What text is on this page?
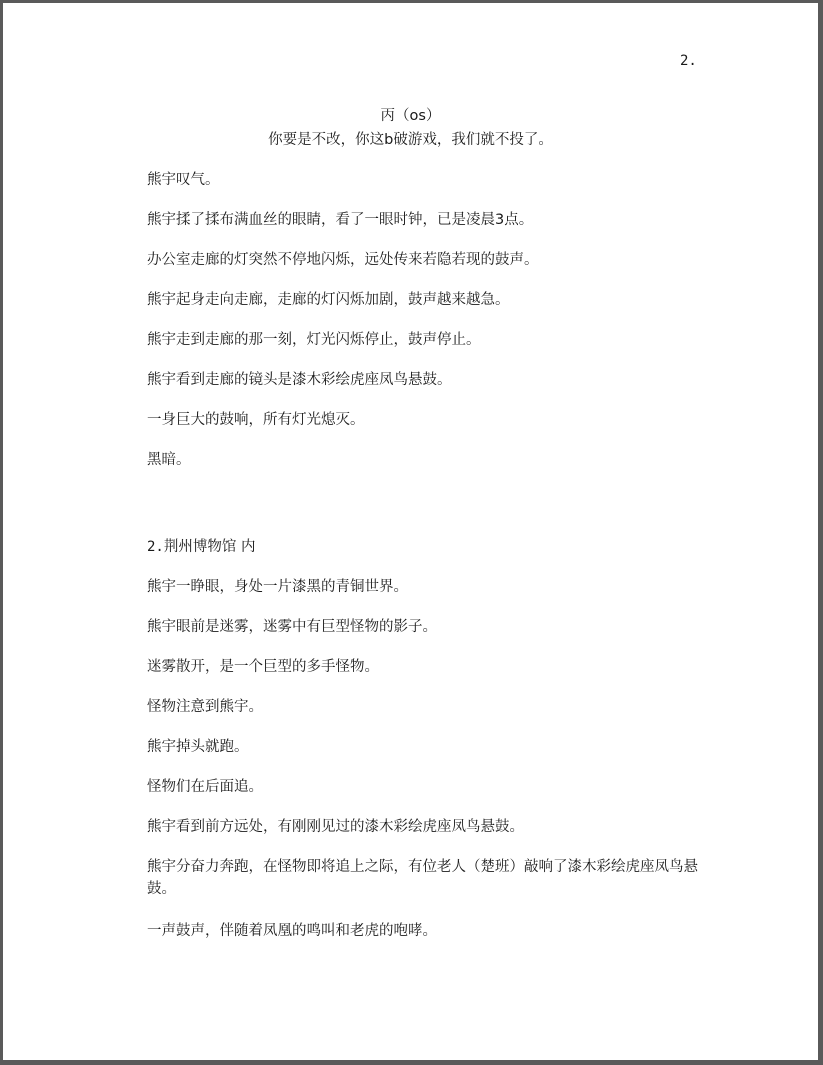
2.
丙（os）
你要是不改，你这b破游戏，我们就不投了。

熊宇叹气。

熊宇揉了揉布满血丝的眼睛，看了一眼时钟，已是凌晨3点。

办公室走廊的灯突然不停地闪烁，远处传来若隐若现的鼓声。

熊宇起身走向走廊，走廊的灯闪烁加剧，鼓声越来越急。

熊宇走到走廊的那一刻，灯光闪烁停止，鼓声停止。

熊宇看到走廊的镜头是漆木彩绘虎座凤鸟悬鼓。

一身巨大的鼓响，所有灯光熄灭。

黑暗。

2.荆州博物馆 内

熊宇一睁眼，身处一片漆黑的青铜世界。

熊宇眼前是迷雾，迷雾中有巨型怪物的影子。

迷雾散开，是一个巨型的多手怪物。

怪物注意到熊宇。

熊宇掉头就跑。

怪物们在后面追。

熊宇看到前方远处，有刚刚见过的漆木彩绘虎座凤鸟悬鼓。

熊宇分奋力奔跑，在怪物即将追上之际，有位老人（楚班）敲响了漆木彩绘虎座凤鸟悬鼓。

一声鼓声，伴随着凤凰的鸣叫和老虎的咆哮。
